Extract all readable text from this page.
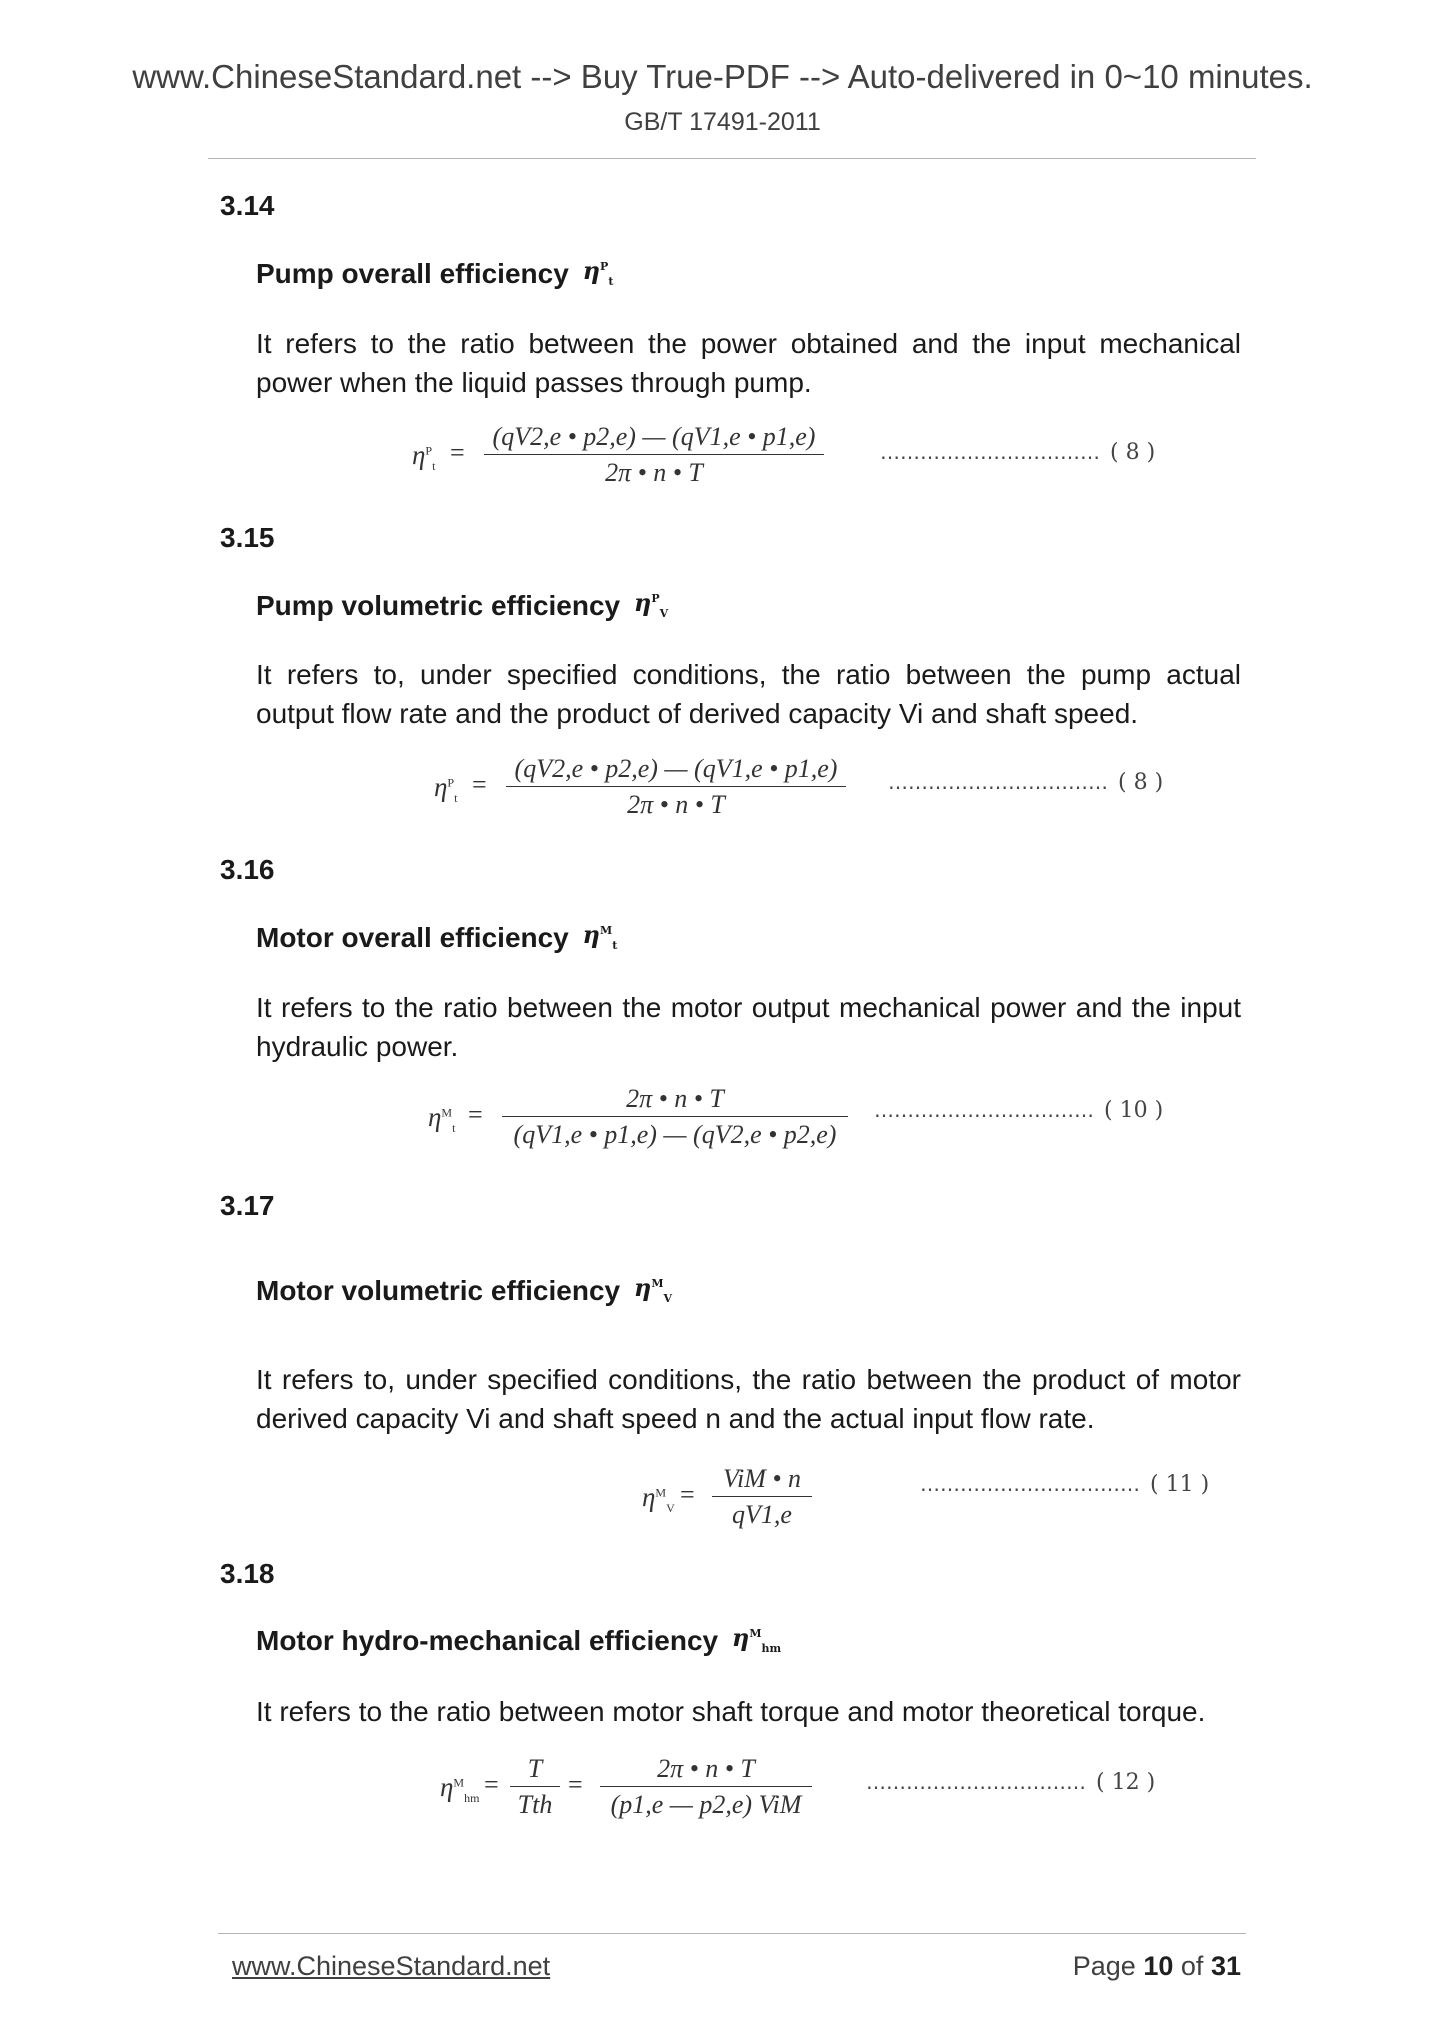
www.ChineseStandard.net --> Buy True-PDF --> Auto-delivered in 0~10 minutes.
GB/T 17491-2011
3.14
Pump overall efficiency $\eta^P_t$
It refers to the ratio between the power obtained and the input mechanical power when the liquid passes through pump.
$\eta^P_t$ =
(qV2,e • p2,e) — (qV1,e • p1,e)
2π • n • T
…………………………… ( 8 )
3.15
Pump volumetric efficiency $\eta^P_V$
It refers to, under specified conditions, the ratio between the pump actual output flow rate and the product of derived capacity Vi and shaft speed.
$\eta^P_t$ =
(qV2,e • p2,e) — (qV1,e • p1,e)
2π • n • T
…………………………… ( 8 )
3.16
Motor overall efficiency $\eta^M_t$
It refers to the ratio between the motor output mechanical power and the input hydraulic power.
$\eta^M_t$ =
2π • n • T
(qV1,e • p1,e) — (qV2,e • p2,e)
…………………………… ( 10 )
3.17
Motor volumetric efficiency $\eta^M_V$
It refers to, under specified conditions, the ratio between the product of motor derived capacity Vi and shaft speed n and the actual input flow rate.
$\eta^M_V$ =
ViM • n
qV1,e
…………………………… ( 11 )
3.18
Motor hydro-mechanical efficiency $\eta^M_{hm}$
It refers to the ratio between motor shaft torque and motor theoretical torque.
$\eta^M_{hm}$ =
T
Tth
=
2π • n • T
(p1,e — p2,e) ViM
…………………………… ( 12 )
www.ChineseStandard.net	Page 10 of 31
